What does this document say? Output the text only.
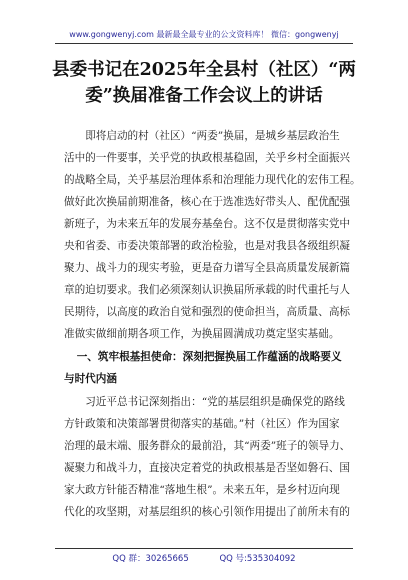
www.gongwenyj.com 最新最全最专业的公文资料库！ 微信：gongwenyj
县委书记在2025年全县村（社区）“两
委”换届准备工作会议上的讲话
即将启动的村（社区）“两委”换届，是城乡基层政治生
活中的一件要事，关乎党的执政根基稳固，关乎乡村全面振兴
的战略全局，关乎基层治理体系和治理能力现代化的宏伟工程。
做好此次换届前期准备，核心在于选准选好带头人、配优配强
新班子，为未来五年的发展夯基垒台。这不仅是贯彻落实党中
央和省委、市委决策部署的政治检验，也是对我县各级组织凝
聚力、战斗力的现实考验，更是奋力谱写全县高质量发展新篇
章的迫切要求。我们必须深刻认识换届所承载的时代重托与人
民期待，以高度的政治自觉和强烈的使命担当，高质量、高标
准做实做细前期各项工作，为换届圆满成功奠定坚实基础。
一、筑牢根基担使命：深刻把握换届工作蕴涵的战略要义
与时代内涵
习近平总书记深刻指出：“党的基层组织是确保党的路线
方针政策和决策部署贯彻落实的基础。”村（社区）作为国家
治理的最末端、服务群众的最前沿，其“两委”班子的领导力、
凝聚力和战斗力，直接决定着党的执政根基是否坚如磐石、国
家大政方针能否精准“落地生根”。未来五年，是乡村迈向现
代化的攻坚期，对基层组织的核心引领作用提出了前所未有的
QQ 群：30265665	QQ 号:535304092
